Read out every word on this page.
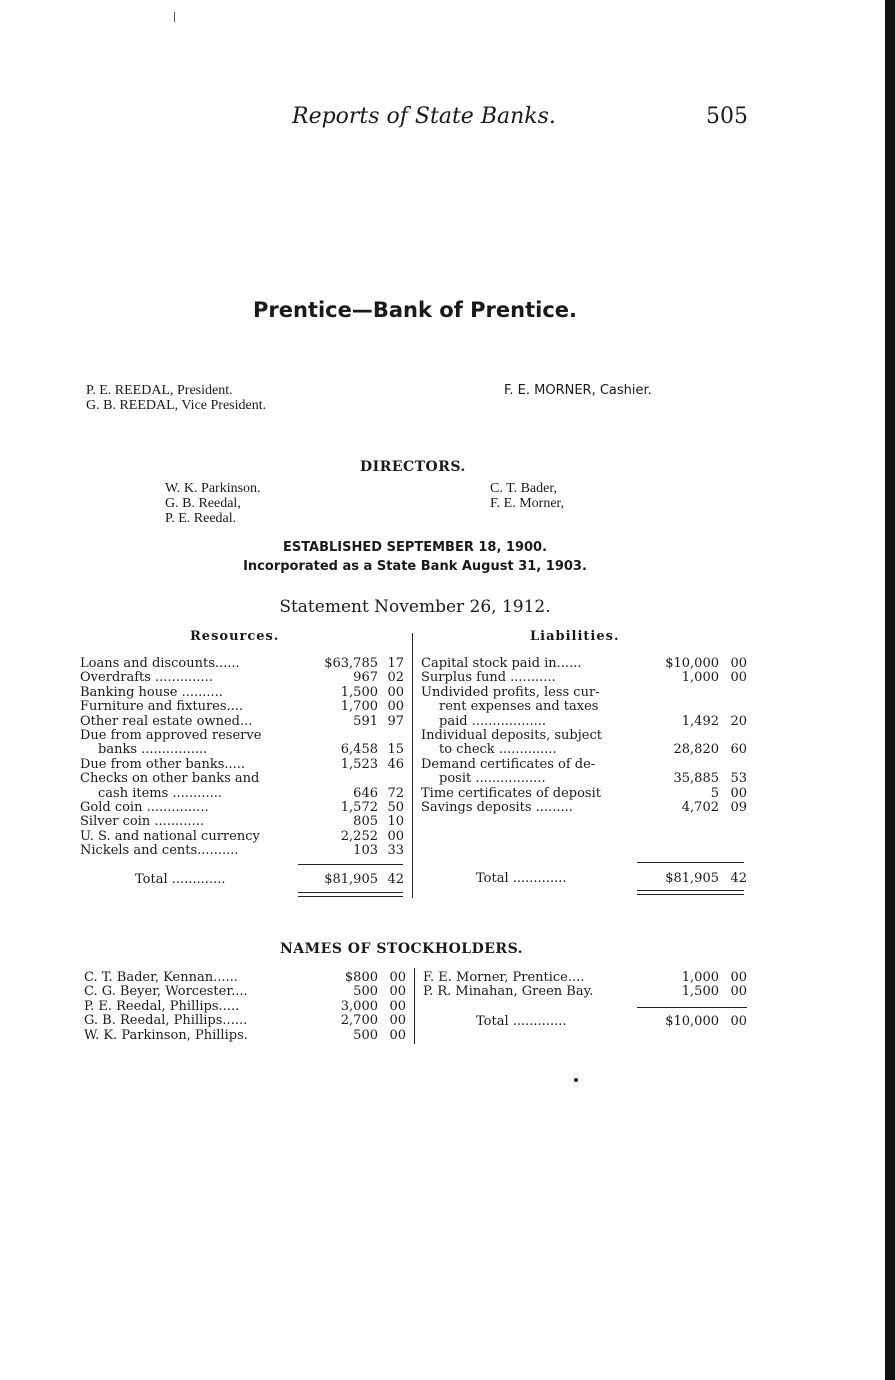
Reports of State Banks.	505
Prentice—Bank of Prentice.
P. E. REEDAL, President.
G. B. REEDAL, Vice President.
F. E. MORNER, Cashier.
DIRECTORS.
W. K. Parkinson.
G. B. Reedal,
P. E. Reedal.
C. T. Bader,
F. E. Morner,
ESTABLISHED SEPTEMBER 18, 1900.
Incorporated as a State Bank August 31, 1903.
Statement November 26, 1912.
Resources.	Liabilities.
Loans and discounts......	$63,785 17
Overdrafts ..............	967 02
Banking house ..........	1,500 00
Furniture and fixtures....	1,700 00
Other real estate owned...	591 97
Due from approved reserve
banks ................	6,458 15
Due from other banks.....	1,523 46
Checks on other banks and
cash items ............	646 72
Gold coin ...............	1,572 50
Silver coin ............	805 10
U. S. and national currency	2,252 00
Nickels and cents..........	103 33
Total .............	$81,905 42
Capital stock paid in......	$10,000 00
Surplus fund ...........	1,000 00
Undivided profits, less cur-
rent expenses and taxes
paid ..................	1,492 20
Individual deposits, subject
to check ..............	28,820 60
Demand certificates of de-
posit .................	35,885 53
Time certificates of deposit	5 00
Savings deposits .........	4,702 09
Total .............	$81,905 42
NAMES OF STOCKHOLDERS.
C. T. Bader, Kennan......	$800 00
C. G. Beyer, Worcester....	500 00
P. E. Reedal, Phillips.....	3,000 00
G. B. Reedal, Phillips......	2,700 00
W. K. Parkinson, Phillips.	500 00
F. E. Morner, Prentice....	1,000 00
P. R. Minahan, Green Bay.	1,500 00
Total .............	$10,000 00
